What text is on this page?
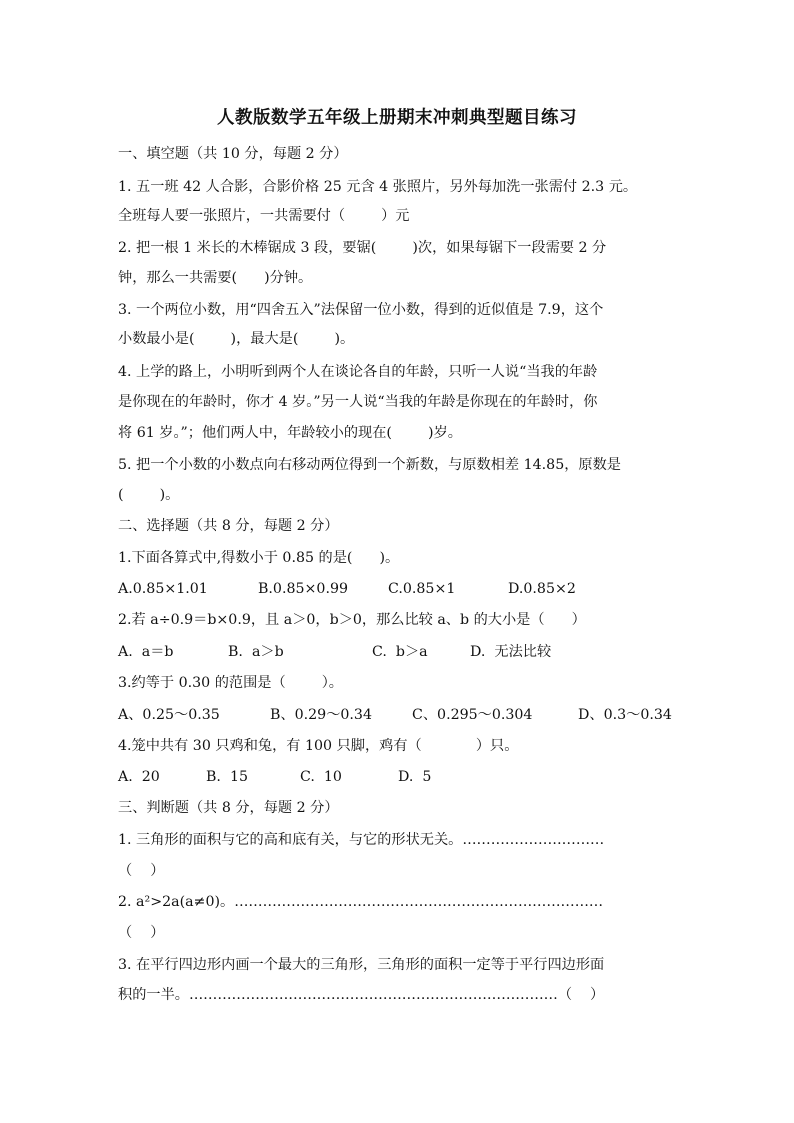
人教版数学五年级上册期末冲刺典型题目练习
一、填空题（共 10 分，每题 2 分）
1. 五一班 42 人合影，合影价格 25 元含 4 张照片，另外每加洗一张需付 2.3 元。
全班每人要一张照片，一共需要付（        ）元
2. 把一根 1 米长的木棒锯成 3 段，要锯(        )次，如果每锯下一段需要 2 分
钟，那么一共需要(      )分钟。
3. 一个两位小数，用“四舍五入”法保留一位小数，得到的近似值是 7.9，这个
小数最小是(        )，最大是(        )。
4. 上学的路上，小明听到两个人在谈论各自的年龄，只听一人说“当我的年龄
是你现在的年龄时，你才 4 岁。”另一人说“当我的年龄是你现在的年龄时，你
将 61 岁。”；他们两人中，年龄较小的现在(        )岁。
5. 把一个小数的小数点向右移动两位得到一个新数，与原数相差 14.85，原数是
(        )。
二、选择题（共 8 分，每题 2 分）
1.下面各算式中,得数小于 0.85 的是(      )。
A.0.85×1.01	B.0.85×0.99	C.0.85×1	D.0.85×2
2.若 a÷0.9＝b×0.9，且 a＞0，b＞0，那么比较 a、b 的大小是（      ）
A.  a＝b	B.  a＞b	C.  b＞a	D.  无法比较
3.约等于 0.30 的范围是（        ）。
A、0.25～0.35	B、0.29～0.34	C、0.295～0.304	D、0.3～0.34
4.笼中共有 30 只鸡和兔，有 100 只脚，鸡有（            ）只。
A.  20	B.  15	C.  10	D.  5
三、判断题（共 8 分，每题 2 分）
1. 三角形的面积与它的高和底有关，与它的形状无关。…………………………
（    ）
2. a²>2a(a≠0)。……………………………………………………………………
（    ）
3. 在平行四边形内画一个最大的三角形，三角形的面积一定等于平行四边形面
积的一半。……………………………………………………………………（    ）
